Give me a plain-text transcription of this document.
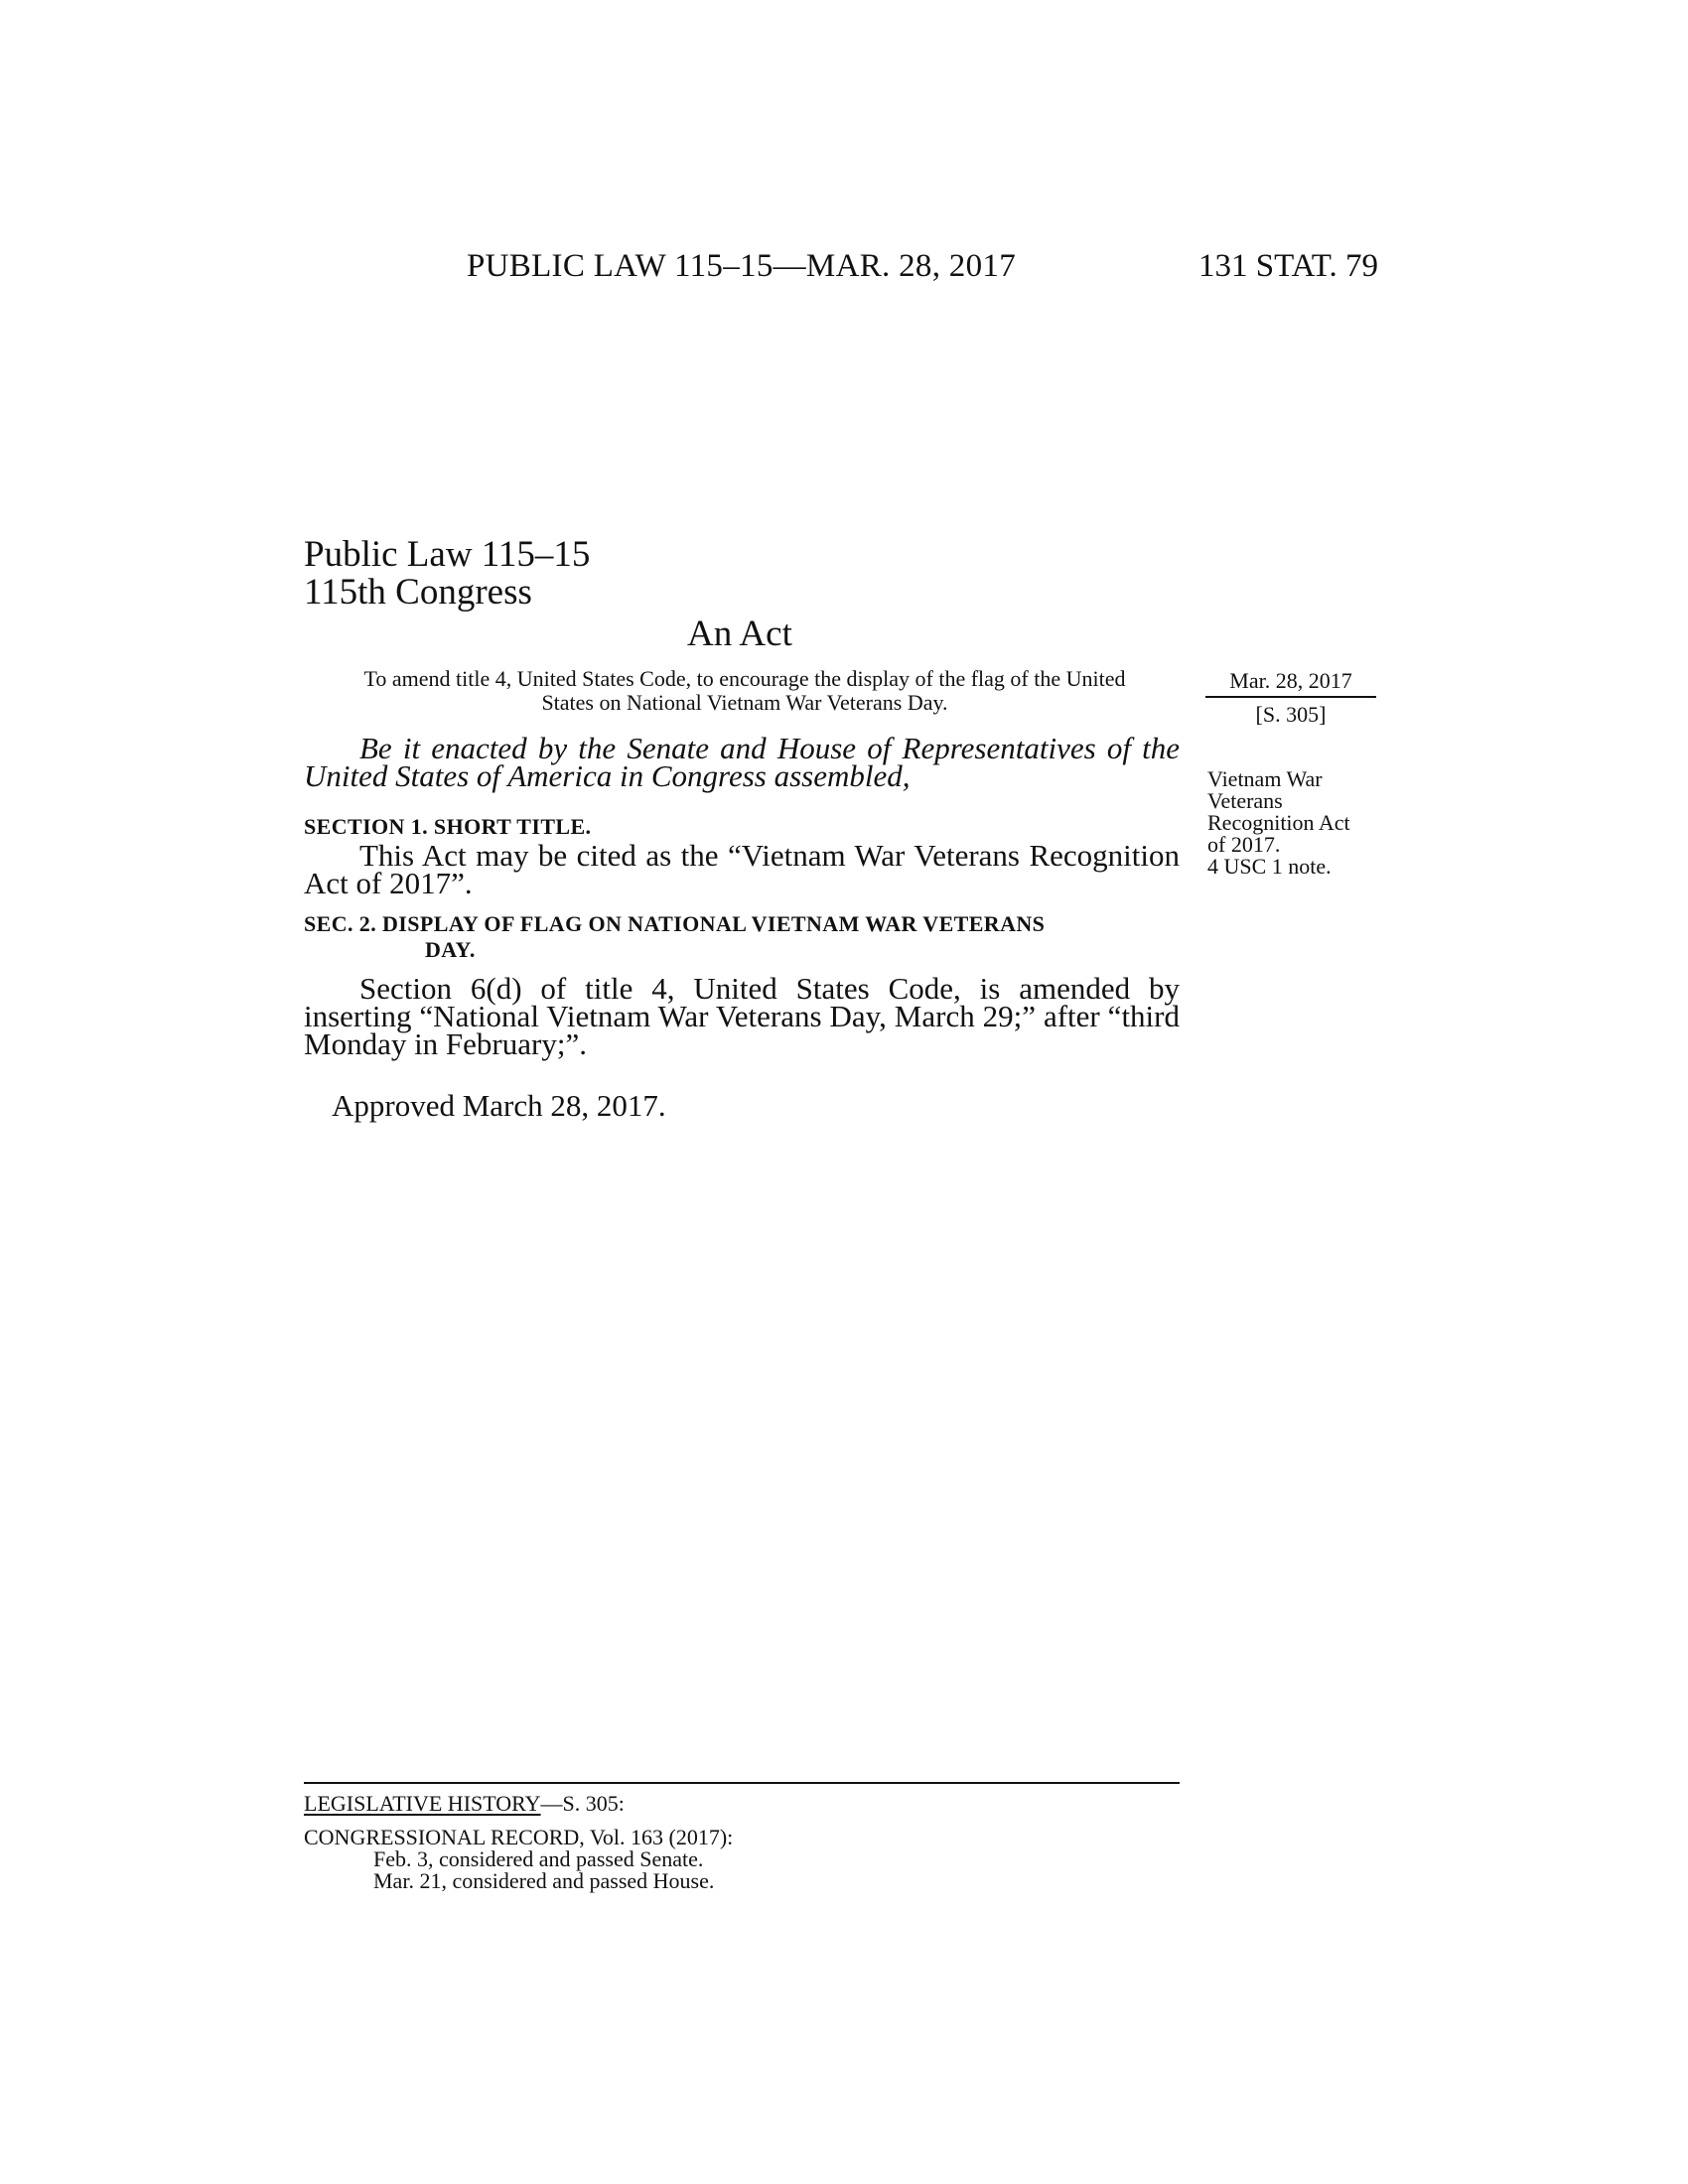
PUBLIC LAW 115–15—MAR. 28, 2017	131 STAT. 79
Public Law 115–15
115th Congress
An Act
To amend title 4, United States Code, to encourage the display of the flag of the United States on National Vietnam War Veterans Day.
Mar. 28, 2017
[S. 305]
Vietnam War
Veterans
Recognition Act
of 2017.
4 USC 1 note.
Be it enacted by the Senate and House of Representatives of the United States of America in Congress assembled,
SECTION 1. SHORT TITLE.
This Act may be cited as the “Vietnam War Veterans Recognition Act of 2017”.
SEC. 2. DISPLAY OF FLAG ON NATIONAL VIETNAM WAR VETERANS
DAY.
Section 6(d) of title 4, United States Code, is amended by inserting “National Vietnam War Veterans Day, March 29;” after “third Monday in February;”.
Approved March 28, 2017.
LEGISLATIVE HISTORY—S. 305:
CONGRESSIONAL RECORD, Vol. 163 (2017):
Feb. 3, considered and passed Senate.
Mar. 21, considered and passed House.
